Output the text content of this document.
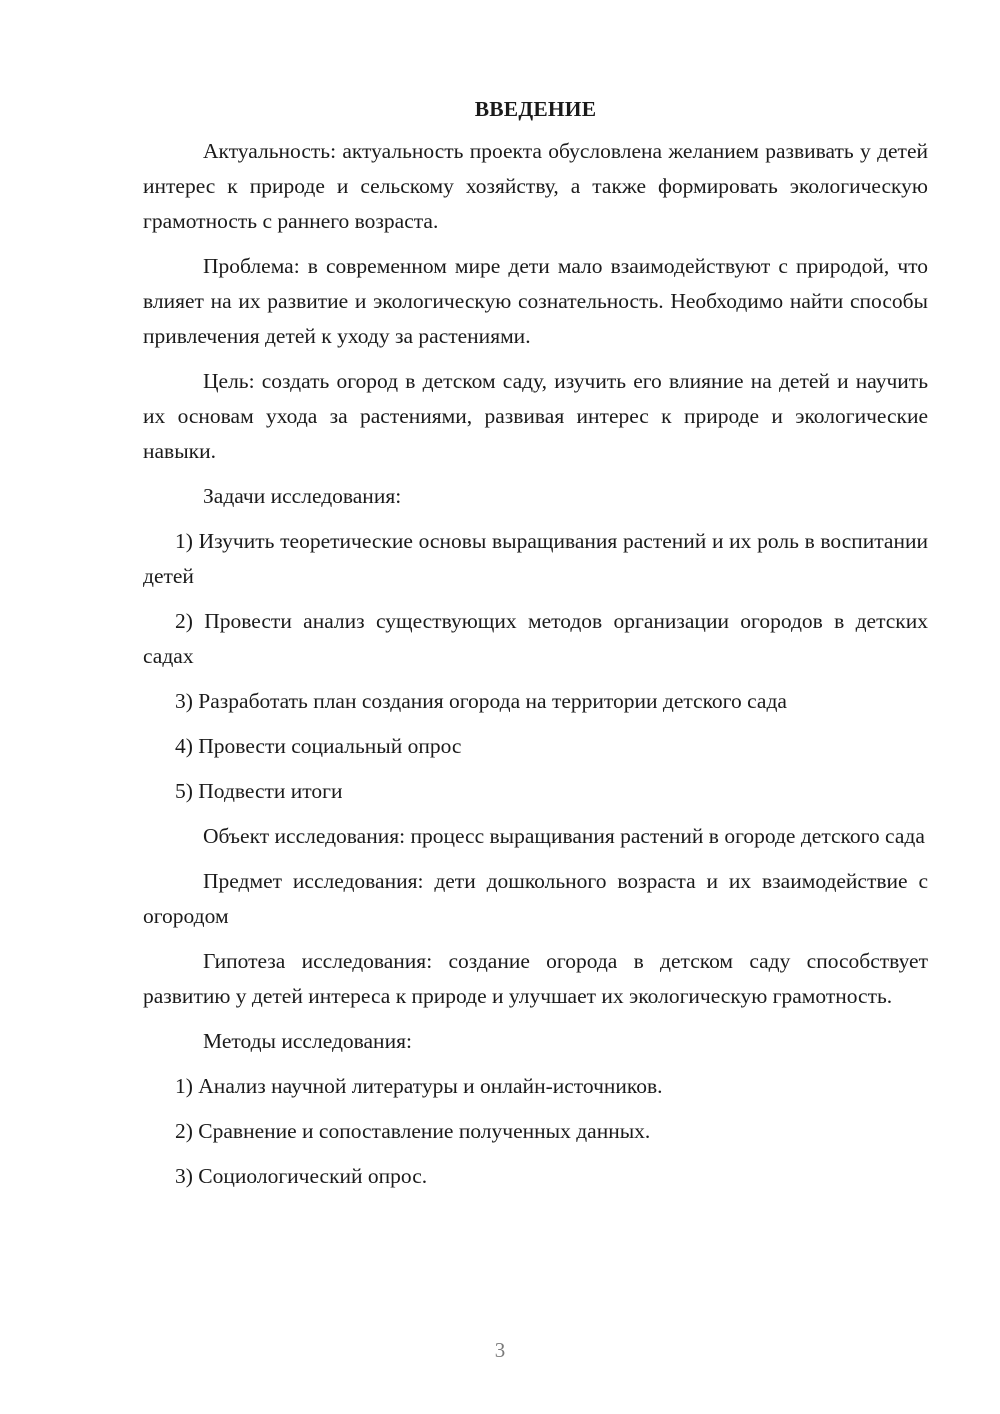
ВВЕДЕНИЕ

Актуальность: актуальность проекта обусловлена желанием развивать у детей интерес к природе и сельскому хозяйству, а также формировать экологическую грамотность с раннего возраста.

Проблема: в современном мире дети мало взаимодействуют с природой, что влияет на их развитие и экологическую сознательность. Необходимо найти способы привлечения детей к уходу за растениями.

Цель: создать огород в детском саду, изучить его влияние на детей и научить их основам ухода за растениями, развивая интерес к природе и экологические навыки.

Задачи исследования:

1) Изучить теоретические основы выращивания растений и их роль в воспитании детей

2) Провести анализ существующих методов организации огородов в детских садах

3) Разработать план создания огорода на территории детского сада

4) Провести социальный опрос

5) Подвести итоги

Объект исследования: процесс выращивания растений в огороде детского сада

Предмет исследования: дети дошкольного возраста и их взаимодействие с огородом

Гипотеза исследования: создание огорода в детском саду способствует развитию у детей интереса к природе и улучшает их экологическую грамотность.

Методы исследования:

1) Анализ научной литературы и онлайн-источников.

2) Сравнение и сопоставление полученных данных.

3) Социологический опрос.

3
